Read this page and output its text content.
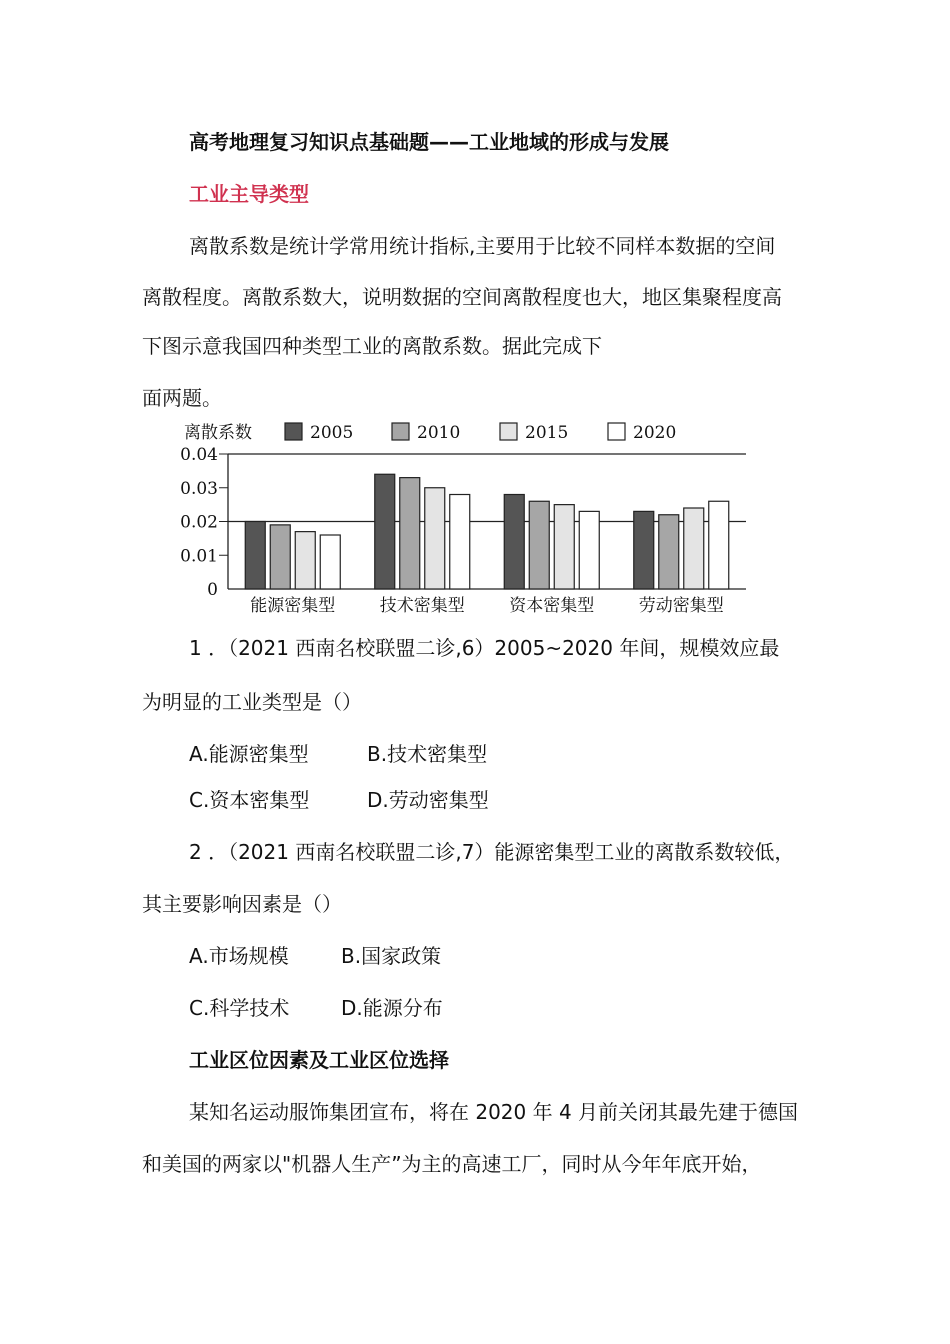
高考地理复习知识点基础题——工业地域的形成与发展
工业主导类型
离散系数是统计学常用统计指标,主要用于比较不同样本数据的空间
离散程度。离散系数大，说明数据的空间离散程度也大，地区集聚程度高
下图示意我国四种类型工业的离散系数。据此完成下
面两题。
2005	2010	2015	2020
离散系数
0.04
0.03
0.02
0.01
0
能源密集型	技术密集型	资本密集型	劳动密集型
1 ．（2021 西南名校联盟二诊,6）2005~2020 年间，规模效应最
为明显的工业类型是（）
A.能源密集型	B.技术密集型
C.资本密集型	D.劳动密集型
2 ．（2021 西南名校联盟二诊,7）能源密集型工业的离散系数较低，
其主要影响因素是（）
A.市场规模	B.国家政策
C.科学技术	D.能源分布
工业区位因素及工业区位选择
某知名运动服饰集团宣布，将在 2020 年 4 月前关闭其最先建于德国
和美国的两家以"机器人生产”为主的高速工厂，同时从今年年底开始，
